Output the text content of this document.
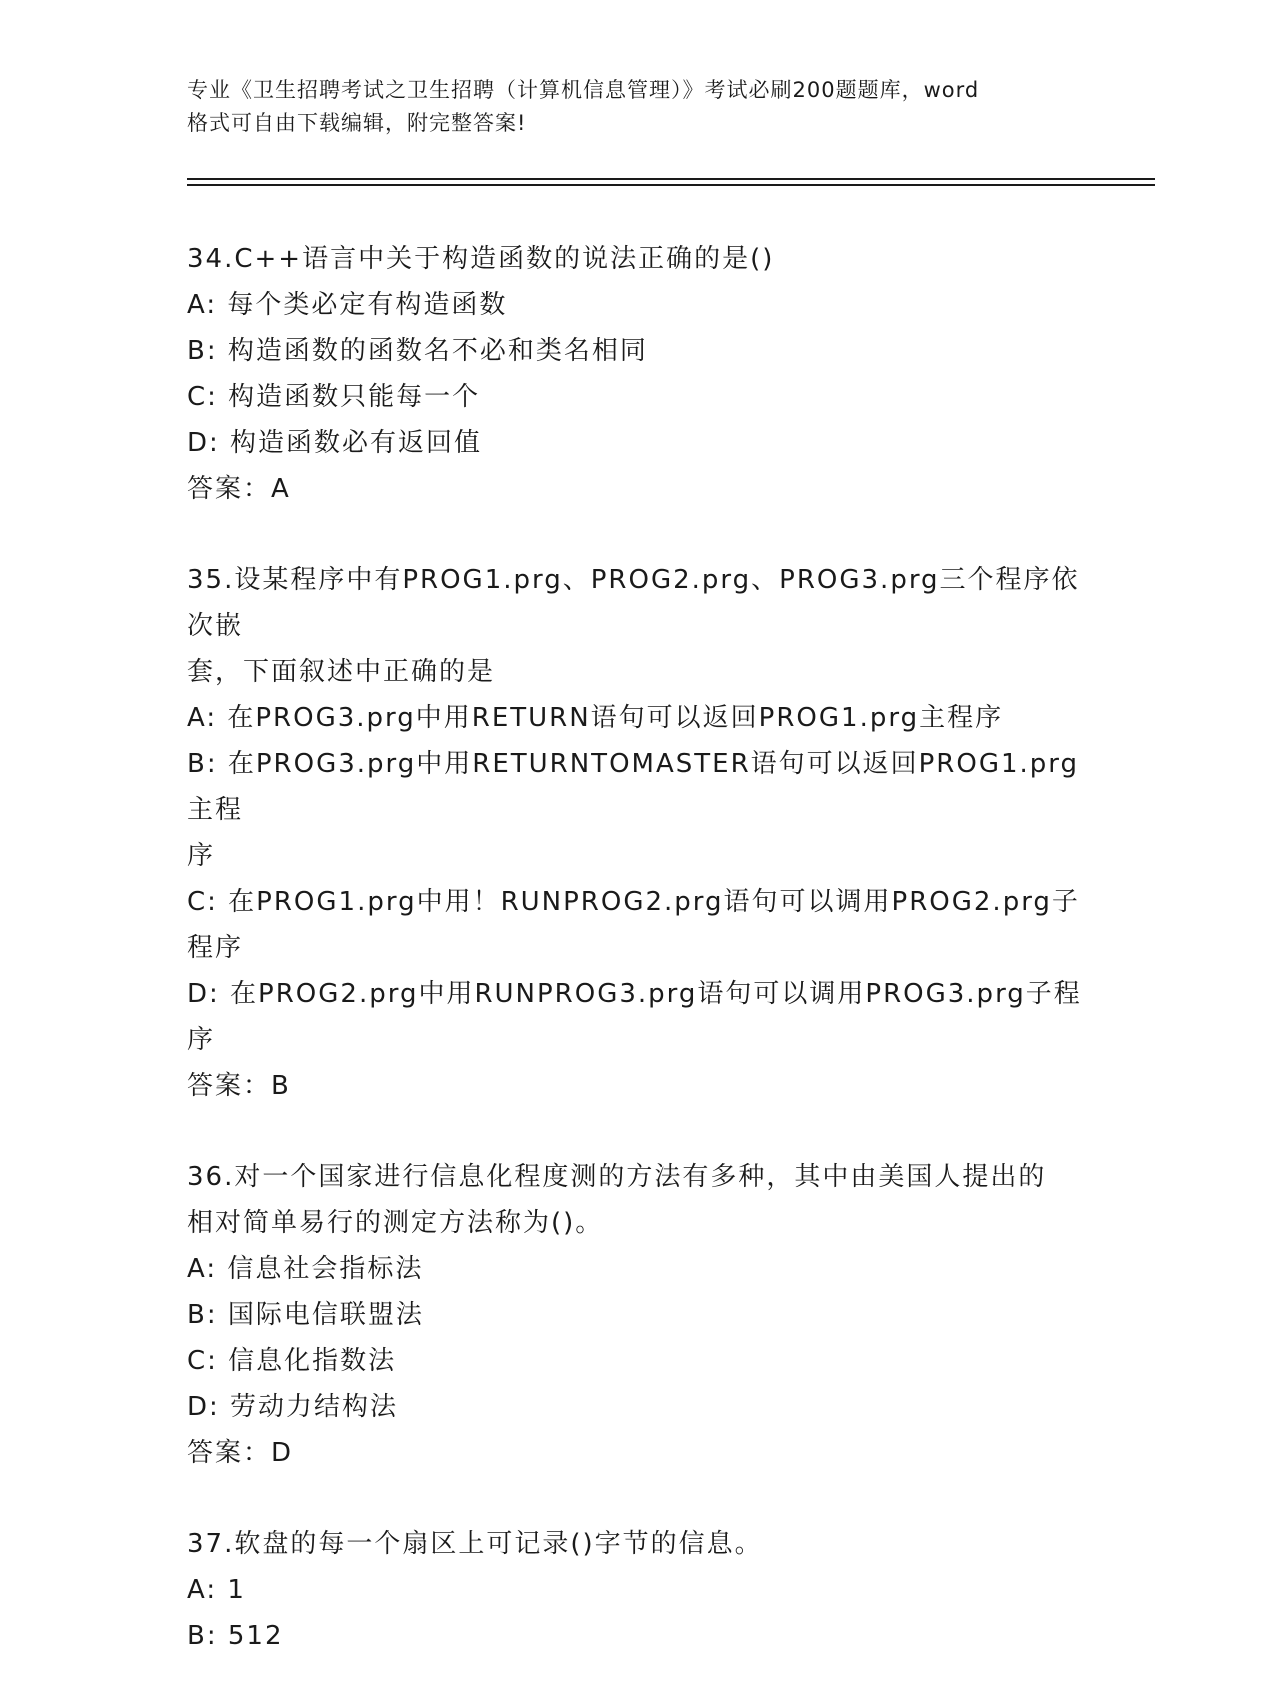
专业《卫生招聘考试之卫生招聘（计算机信息管理）》考试必刷200题题库，word
格式可自由下载编辑，附完整答案!
34.C++语言中关于构造函数的说法正确的是()
A: 每个类必定有构造函数
B: 构造函数的函数名不必和类名相同
C: 构造函数只能每一个
D: 构造函数必有返回值
答案：A
35.设某程序中有PROG1.prg、PROG2.prg、PROG3.prg三个程序依次嵌
套，下面叙述中正确的是
A: 在PROG3.prg中用RETURN语句可以返回PROG1.prg主程序
B: 在PROG3.prg中用RETURNTOMASTER语句可以返回PROG1.prg主程
序
C: 在PROG1.prg中用！RUNPROG2.prg语句可以调用PROG2.prg子程序
D: 在PROG2.prg中用RUNPROG3.prg语句可以调用PROG3.prg子程序
答案：B
36.对一个国家进行信息化程度测的方法有多种，其中由美国人提出的
相对简单易行的测定方法称为()。
A: 信息社会指标法
B: 国际电信联盟法
C: 信息化指数法
D: 劳动力结构法
答案：D
37.软盘的每一个扇区上可记录()字节的信息。
A: 1
B: 512
